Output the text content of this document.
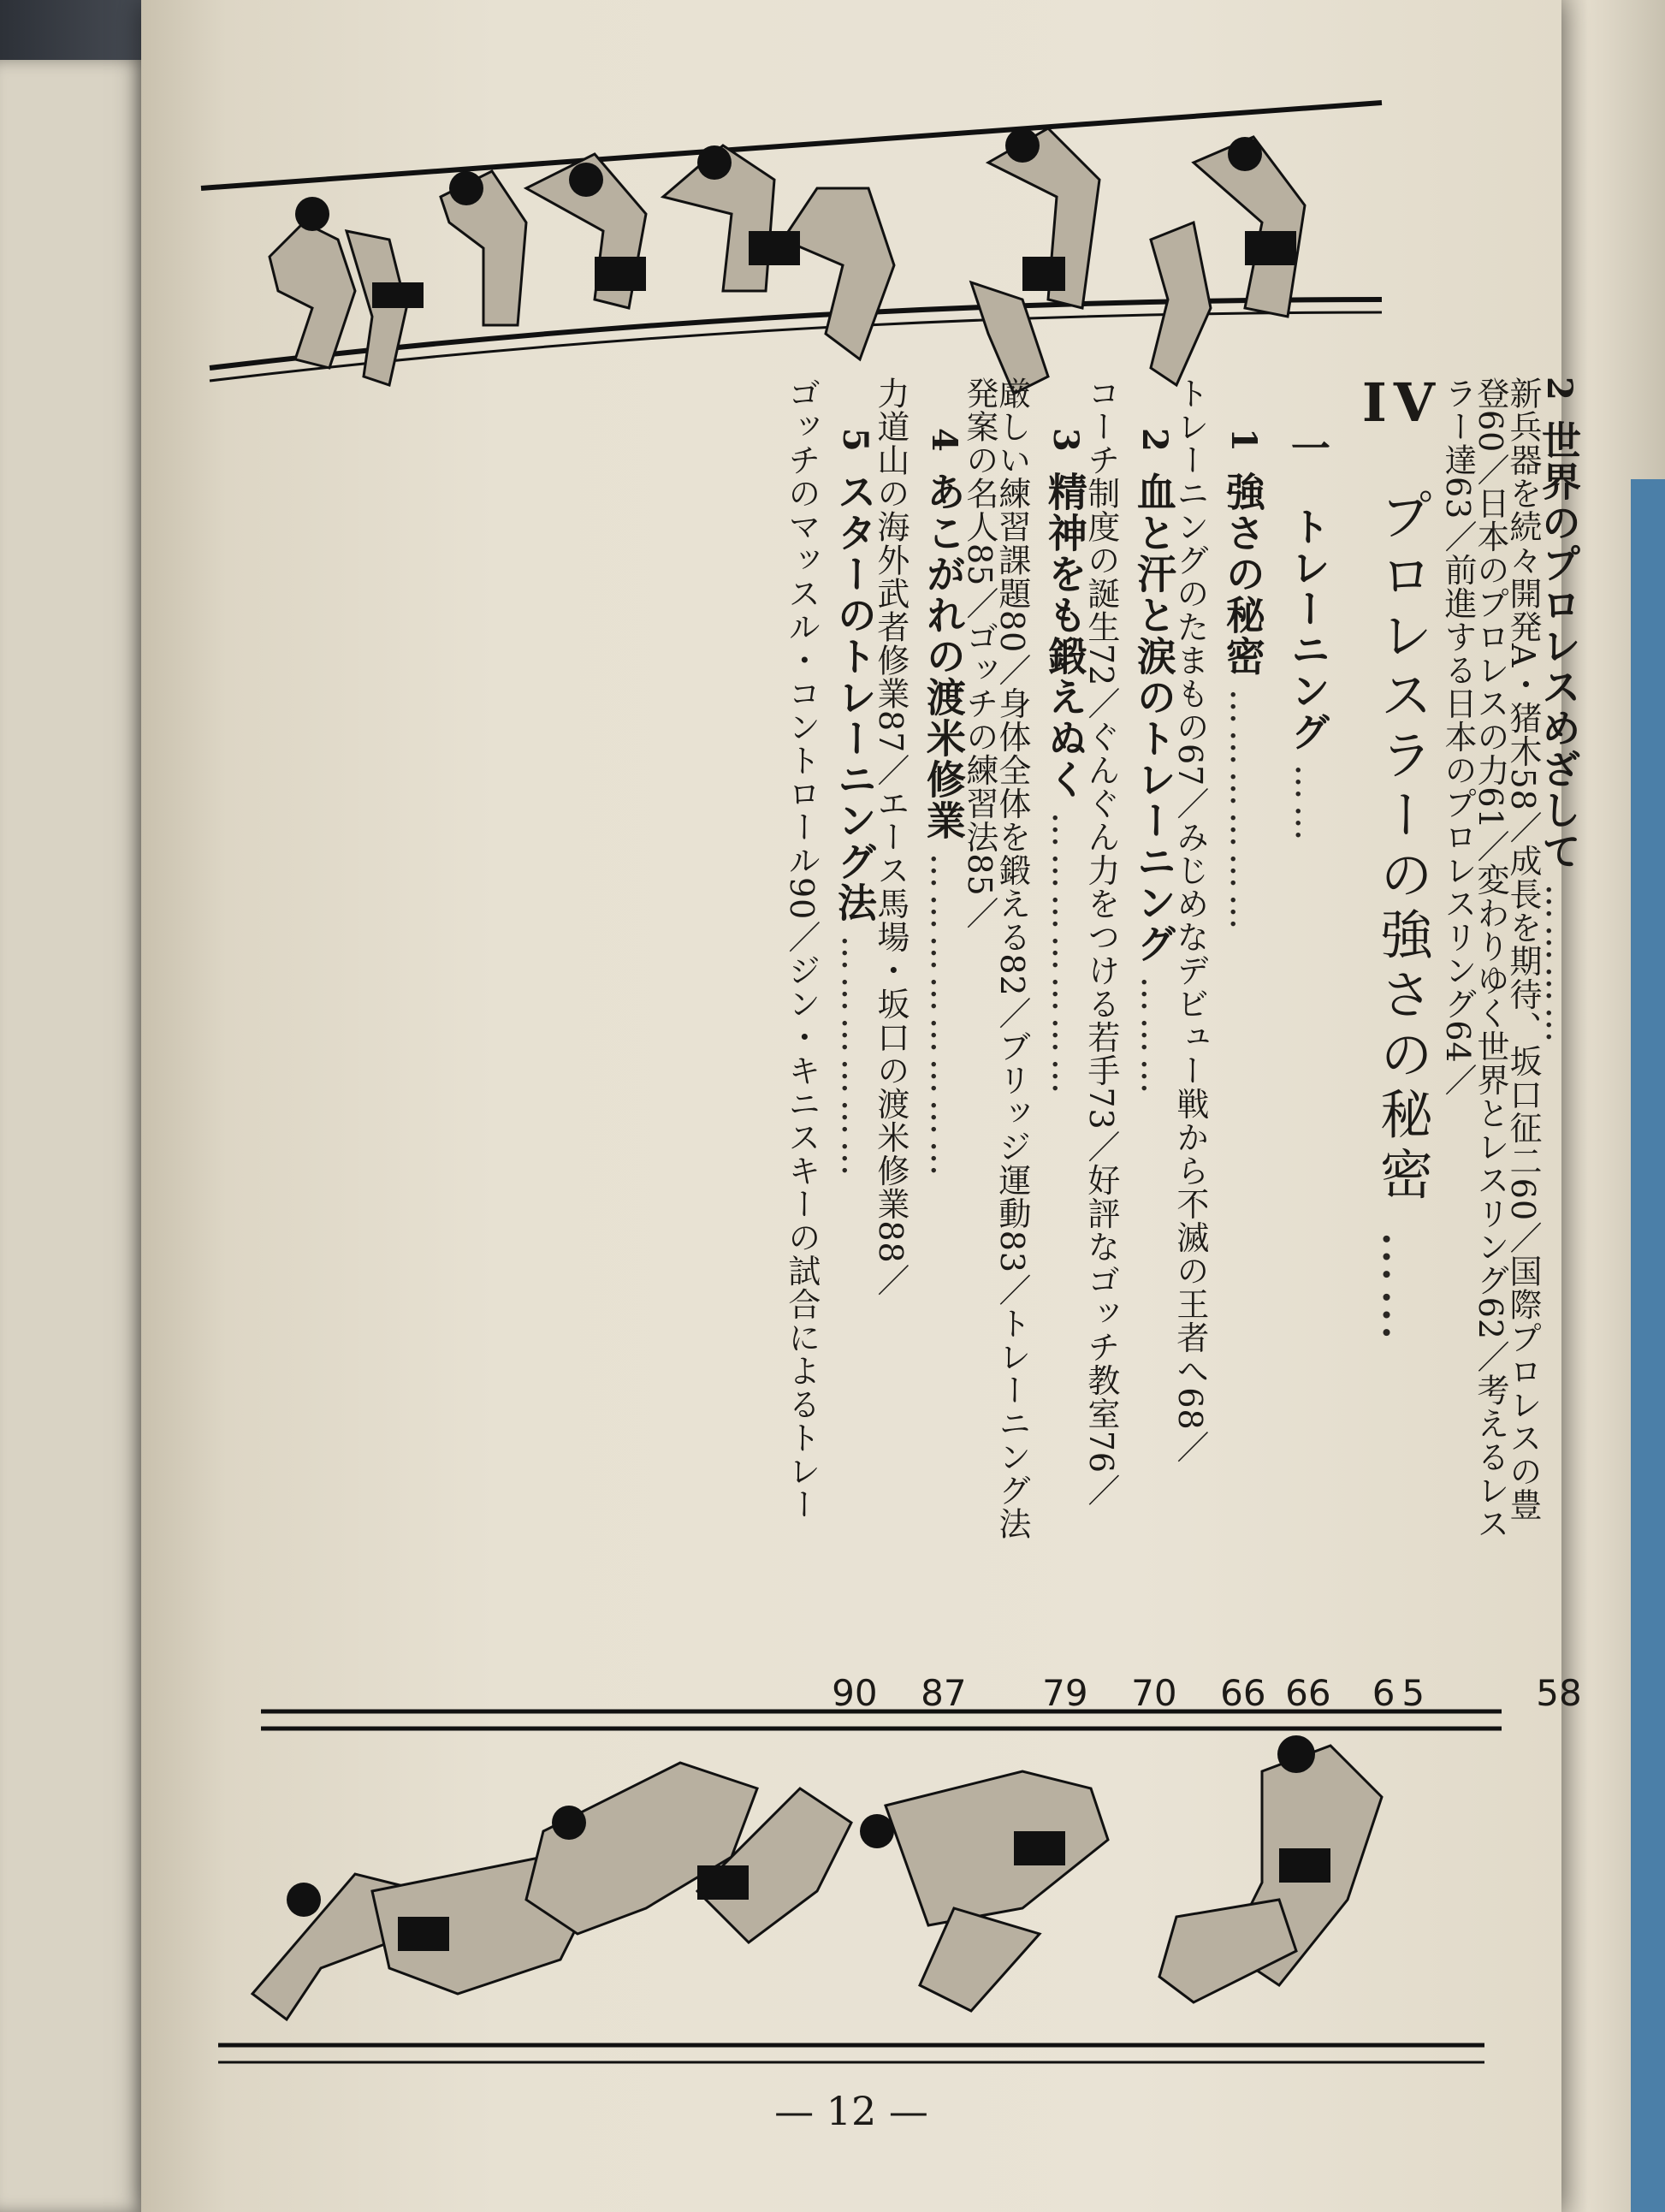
2 世界のプロレスめざして …………
58
新兵器を続々開発A・猪木58／成長を期待、坂口征二60／国際プロレスの豊
登60／日本のプロレスの力61／変わりゆく世界とレスリング62／考えるレス
ラー達63／前進する日本のプロレスリング64／
IV プロレスラーの強さの秘密 ……
65
一 トレーニング ……
66
1 強さの秘密 ………………
66
トレーニングのたまもの67／みじめなデビュー戦から不滅の王者へ68／
2 血と汗と涙のトレーニング ………
70
コーチ制度の誕生72／ぐんぐん力をつける若手73／好評なゴッチ教室76／
3 精神をも鍛えぬく …………………
79
厳しい練習課題80／身体全体を鍛える82／ブリッジ運動83／トレーニング法
発案の名人85／ゴッチの練習法85／
4 あこがれの渡米修業 ……………………
87
力道山の海外武者修業87／エース馬場・坂口の渡米修業88／
5 スターのトレーニング法 ………………
90
ゴッチのマッスル・コントロール90／ジン・キニスキーの試合によるトレー
— 12 —
